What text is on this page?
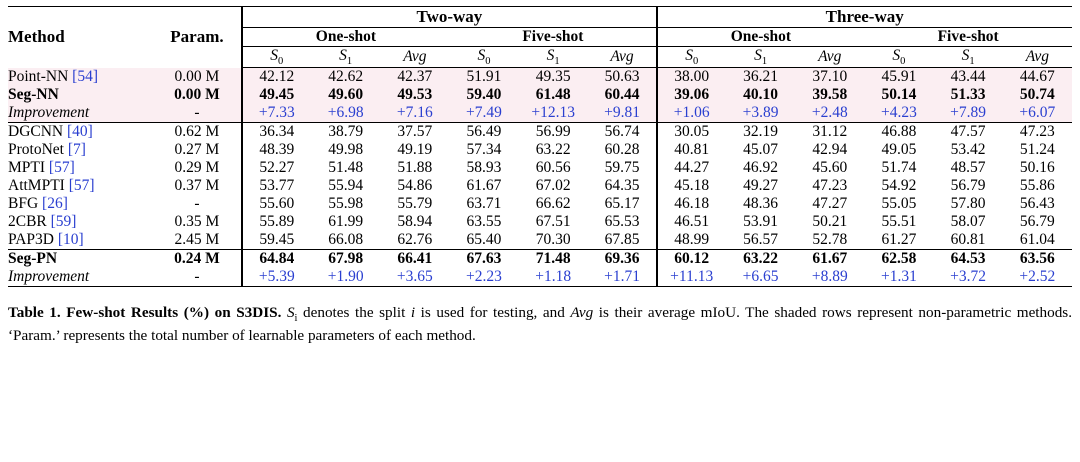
Method	Param.	Two-way						Three-way					
		One-shot			Five-shot			One-shot			Five-shot		
		$S_0$	$S_1$	Avg	$S_0$	$S_1$	Avg	$S_0$	$S_1$	Avg	$S_0$	$S_1$	Avg
Point-NN [54]	0.00 M	42.12	42.62	42.37	51.91	49.35	50.63	38.00	36.21	37.10	45.91	43.44	44.67
Seg-NN	0.00 M	49.45	49.60	49.53	59.40	61.48	60.44	39.06	40.10	39.58	50.14	51.33	50.74
Improvement	-	+7.33	+6.98	+7.16	+7.49	+12.13	+9.81	+1.06	+3.89	+2.48	+4.23	+7.89	+6.07
DGCNN [40]	0.62 M	36.34	38.79	37.57	56.49	56.99	56.74	30.05	32.19	31.12	46.88	47.57	47.23
ProtoNet [7]	0.27 M	48.39	49.98	49.19	57.34	63.22	60.28	40.81	45.07	42.94	49.05	53.42	51.24
MPTI [57]	0.29 M	52.27	51.48	51.88	58.93	60.56	59.75	44.27	46.92	45.60	51.74	48.57	50.16
AttMPTI [57]	0.37 M	53.77	55.94	54.86	61.67	67.02	64.35	45.18	49.27	47.23	54.92	56.79	55.86
BFG [26]	-	55.60	55.98	55.79	63.71	66.62	65.17	46.18	48.36	47.27	55.05	57.80	56.43
2CBR [59]	0.35 M	55.89	61.99	58.94	63.55	67.51	65.53	46.51	53.91	50.21	55.51	58.07	56.79
PAP3D [10]	2.45 M	59.45	66.08	62.76	65.40	70.30	67.85	48.99	56.57	52.78	61.27	60.81	61.04
Seg-PN	0.24 M	64.84	67.98	66.41	67.63	71.48	69.36	60.12	63.22	61.67	62.58	64.53	63.56
Improvement	-	+5.39	+1.90	+3.65	+2.23	+1.18	+1.71	+11.13	+6.65	+8.89	+1.31	+3.72	+2.52
Table 1. Few-shot Results (%) on S3DIS. $S_i$ denotes the split i is used for testing, and Avg is their average mIoU. The shaded rows represent non-parametric methods. ‘Param.’ represents the total number of learnable parameters of each method.
